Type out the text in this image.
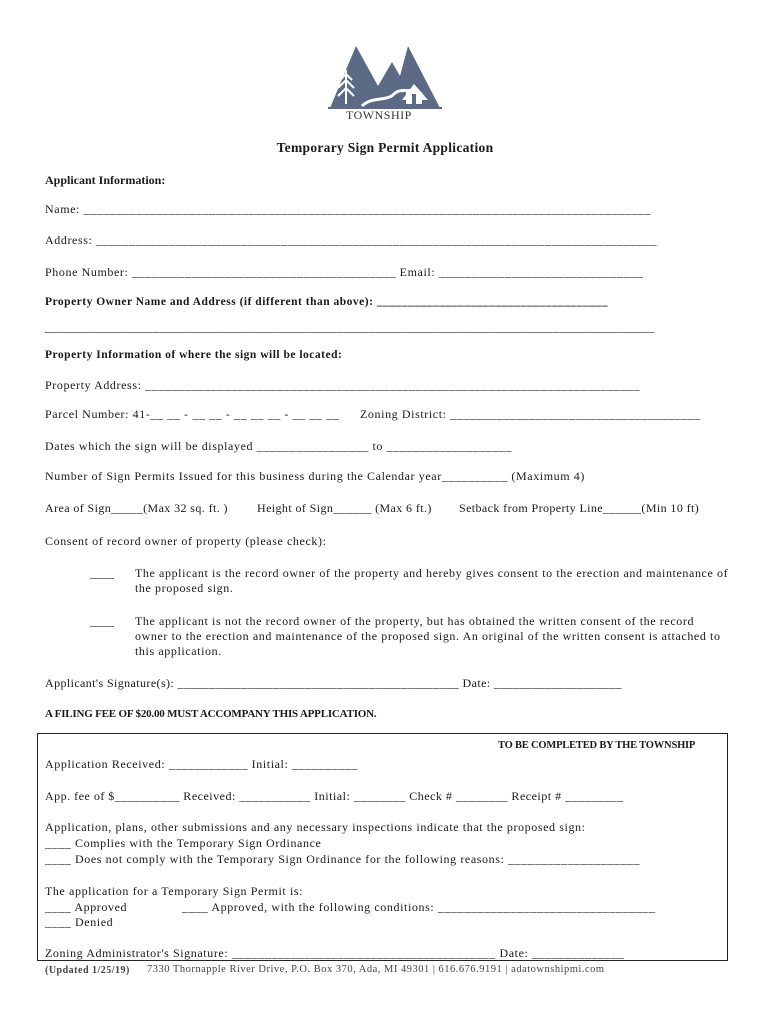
TOWNSHIP
Temporary Sign Permit Application
Applicant Information:
Name: ______________________________________________________________________________________
Address: _____________________________________________________________________________________
Phone Number: ________________________________________ Email: _______________________________
Property Owner Name and Address (if different than above): _____________________________________
________________________________________________________________________________________________
Property Information of where the sign will be located:
Property Address: ___________________________________________________________________________
Parcel Number: 41-__ __ - __ __ - __ __ __ - __ __ __ Zoning District: ______________________________________
Dates which the sign will be displayed _________________ to ___________________
Number of Sign Permits Issued for this business during the Calendar year__________ (Maximum 4)
Area of Sign_____(Max 32 sq. ft. ) Height of Sign______ (Max 6 ft.) Setback from Property Line______(Min 10 ft)
Consent of record owner of property (please check):
____ The applicant is the record owner of the property and hereby gives consent to the erection and maintenance of the proposed sign.
____ The applicant is not the record owner of the property, but has obtained the written consent of the record owner to the erection and maintenance of the proposed sign. An original of the written consent is attached to this application.
Applicant's Signature(s): ____________________________________________ Date: ____________________
A FILING FEE OF $20.00 MUST ACCOMPANY THIS APPLICATION.
TO BE COMPLETED BY THE TOWNSHIP
Application Received: ____________ Initial: __________
App. fee of $__________ Received: ___________ Initial: ________ Check # ________ Receipt # _________
Application, plans, other submissions and any necessary inspections indicate that the proposed sign:
____ Complies with the Temporary Sign Ordinance
____ Does not comply with the Temporary Sign Ordinance for the following reasons: ____________________
The application for a Temporary Sign Permit is:
____ Approved	____ Approved, with the following conditions: _________________________________
____ Denied
Zoning Administrator's Signature: ________________________________________ Date: ______________
(Updated 1/25/19) 7330 Thornapple River Drive, P.O. Box 370, Ada, MI 49301 | 616.676.9191 | adatownshipmi.com
